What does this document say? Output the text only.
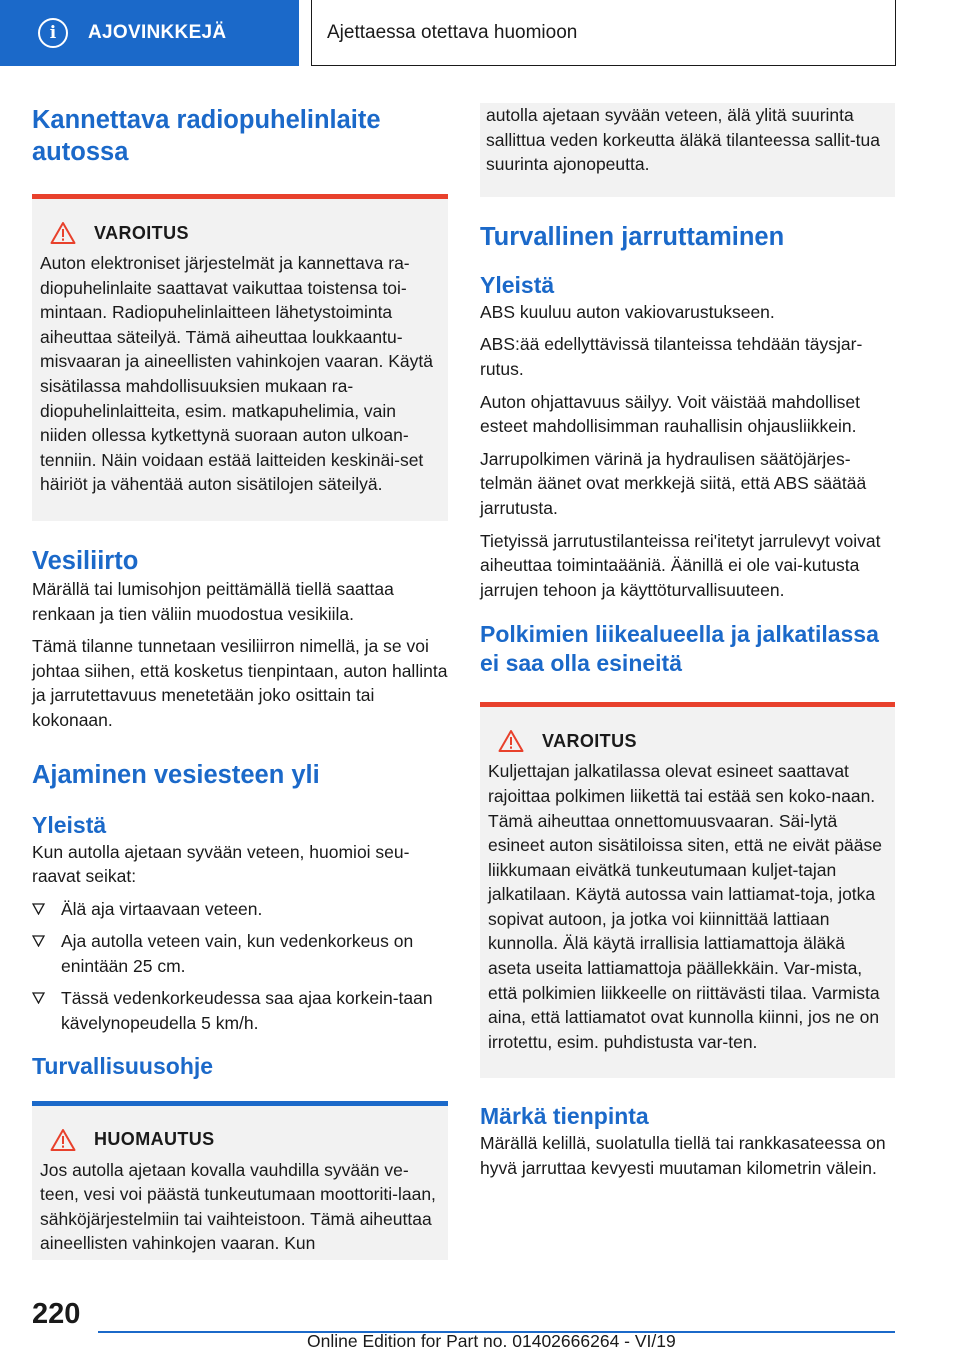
i	AJOVINKKEJÄ	Ajettaessa otettava huomioon
Kannettava radiopuhelinlaite autossa
VAROITUS
Auton elektroniset järjestelmät ja kannettava ra-diopuhelinlaite saattavat vaikuttaa toistensa toi-mintaan. Radiopuhelinlaitteen lähetystoiminta aiheuttaa säteilyä. Tämä aiheuttaa loukkaantu-misvaaran ja aineellisten vahinkojen vaaran. Käytä sisätilassa mahdollisuuksien mukaan ra-diopuhelinlaitteita, esim. matkapuhelimia, vain niiden ollessa kytkettynä suoraan auton ulkoan-tenniin. Näin voidaan estää laitteiden keskinäi-set häiriöt ja vähentää auton sisätilojen säteilyä.
Vesiliirto
Märällä tai lumisohjon peittämällä tiellä saattaa renkaan ja tien väliin muodostua vesikiila.
Tämä tilanne tunnetaan vesiliirron nimellä, ja se voi johtaa siihen, että kosketus tienpintaan, auton hallinta ja jarrutettavuus menetetään joko osittain tai kokonaan.
Ajaminen vesiesteen yli
Yleistä
Kun autolla ajetaan syvään veteen, huomioi seu-raavat seikat:
Älä aja virtaavaan veteen.
Aja autolla veteen vain, kun vedenkorkeus on enintään 25 cm.
Tässä vedenkorkeudessa saa ajaa korkein-taan kävelynopeudella 5 km/h.
Turvallisuusohje
HUOMAUTUS
Jos autolla ajetaan kovalla vauhdilla syvään ve-teen, vesi voi päästä tunkeutumaan moottoriti-laan, sähköjärjestelmiin tai vaihteistoon. Tämä aiheuttaa aineellisten vahinkojen vaaran. Kun
autolla ajetaan syvään veteen, älä ylitä suurinta sallittua veden korkeutta äläkä tilanteessa sallit-tua suurinta ajonopeutta.
Turvallinen jarruttaminen
Yleistä
ABS kuuluu auton vakiovarustukseen.
ABS:ää edellyttävissä tilanteissa tehdään täysjar-rutus.
Auton ohjattavuus säilyy. Voit väistää mahdolliset esteet mahdollisimman rauhallisin ohjausliikkein.
Jarrupolkimen värinä ja hydraulisen säätöjärjes-telmän äänet ovat merkkejä siitä, että ABS säätää jarrutusta.
Tietyissä jarrutustilanteissa rei'itetyt jarrulevyt voivat aiheuttaa toimintaääniä. Äänillä ei ole vai-kutusta jarrujen tehoon ja käyttöturvallisuuteen.
Polkimien liikealueella ja jalkatilassa ei saa olla esineitä
VAROITUS
Kuljettajan jalkatilassa olevat esineet saattavat rajoittaa polkimen liikettä tai estää sen koko-naan. Tämä aiheuttaa onnettomuusvaaran. Säi-lytä esineet auton sisätiloissa siten, että ne eivät pääse liikkumaan eivätkä tunkeutumaan kuljet-tajan jalkatilaan. Käytä autossa vain lattiamat-toja, jotka sopivat autoon, ja jotka voi kiinnittää lattiaan kunnolla. Älä käytä irrallisia lattiamattoja äläkä aseta useita lattiamattoja päällekkäin. Var-mista, että polkimien liikkeelle on riittävästi tilaa. Varmista aina, että lattiamatot ovat kunnolla kiinni, jos ne on irrotettu, esim. puhdistusta var-ten.
Märkä tienpinta
Märällä kelillä, suolatulla tiellä tai rankkasateessa on hyvä jarruttaa kevyesti muutaman kilometrin välein.
220
Online Edition for Part no. 01402666264 - VI/19
